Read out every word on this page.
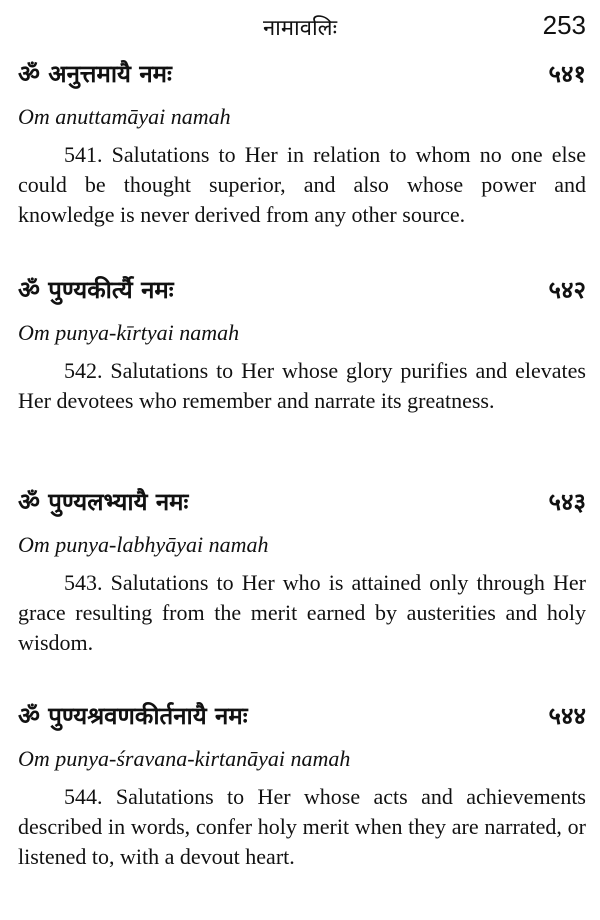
नामावलिः	253
ॐ अनुत्तमायै नमः	५४१
Om anuttamāyai namah
541. Salutations to Her in relation to whom no one else could be thought superior, and also whose power and knowledge is never derived from any other source.
ॐ पुण्यकीर्त्यै नमः	५४२
Om punya-kīrtyai namah
542. Salutations to Her whose glory purifies and elevates Her devotees who remember and narrate its greatness.
ॐ पुण्यलभ्यायै नमः	५४३
Om punya-labhyāyai namah
543. Salutations to Her who is attained only through Her grace resulting from the merit earned by austerities and holy wisdom.
ॐ पुण्यश्रवणकीर्तनायै नमः	५४४
Om punya-śravana-kirtanāyai namah
544. Salutations to Her whose acts and achievements described in words, confer holy merit when they are narrated, or listened to, with a devout heart.
